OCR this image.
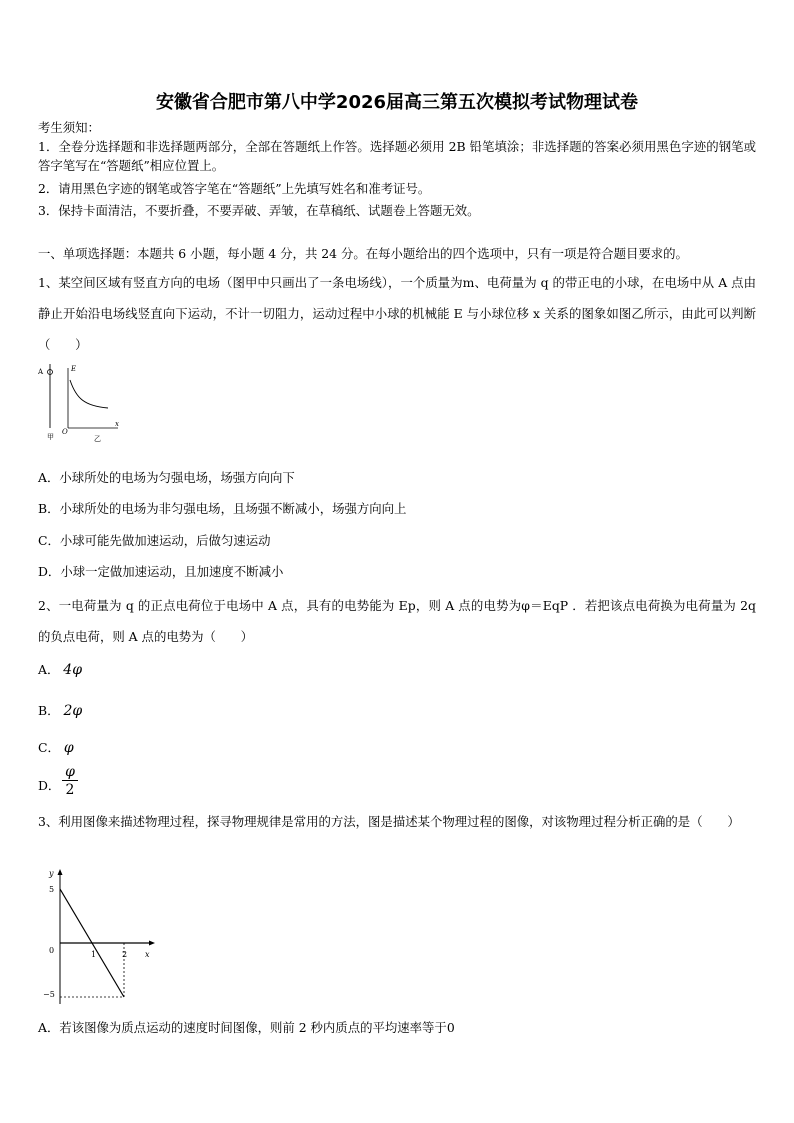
安徽省合肥市第八中学2026届高三第五次模拟考试物理试卷
考生须知：
1．全卷分选择题和非选择题两部分，全部在答题纸上作答。选择题必须用 2B 铅笔填涂；非选择题的答案必须用黑色字迹的钢笔或答字笔写在“答题纸”相应位置上。
2．请用黑色字迹的钢笔或答字笔在“答题纸”上先填写姓名和准考证号。
3．保持卡面清洁，不要折叠，不要弄破、弄皱，在草稿纸、试题卷上答题无效。
一、单项选择题：本题共 6 小题，每小题 4 分，共 24 分。在每小题给出的四个选项中，只有一项是符合题目要求的。
1、某空间区域有竖直方向的电场（图甲中只画出了一条电场线），一个质量为m、电荷量为 q 的带正电的小球，在电场中从 A 点由静止开始沿电场线竖直向下运动，不计一切阻力，运动过程中小球的机械能 E 与小球位移 x 关系的图象如图乙所示，由此可以判断（　　）
A
甲
E
O
x
乙
A．小球所处的电场为匀强电场，场强方向向下
B．小球所处的电场为非匀强电场，且场强不断减小，场强方向向上
C．小球可能先做加速运动，后做匀速运动
D．小球一定做加速运动，且加速度不断减小
2、一电荷量为 q 的正点电荷位于电场中 A 点，具有的电势能为 Ep，则 A 点的电势为φ＝EqP ．若把该点电荷换为电荷量为 2q 的负点电荷，则 A 点的电势为（　　）
A． 4φ
B． 2φ
C． φ
D． $\frac{\varphi}{2}$
3、利用图像来描述物理过程，探寻物理规律是常用的方法，图是描述某个物理过程的图像，对该物理过程分析正确的是（　　）
y
x
5
0
−5
1	2
A．若该图像为质点运动的速度时间图像，则前 2 秒内质点的平均速率等于0
